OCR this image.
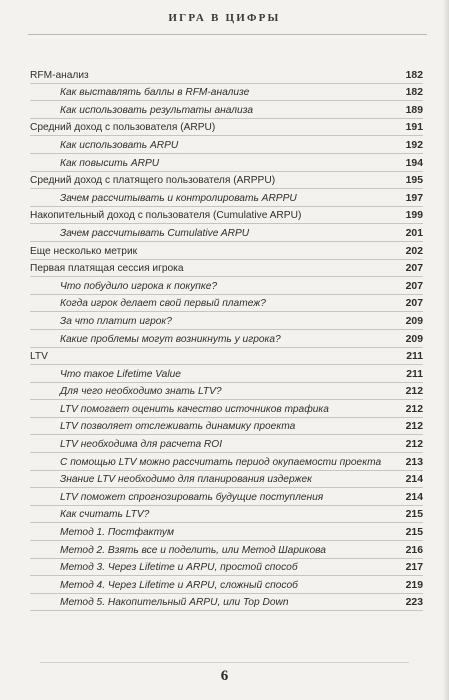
ИГРА В ЦИФРЫ
RFM-анализ	182
Как выставлять баллы в RFM-анализе	182
Как использовать результаты анализа	189
Средний доход с пользователя (ARPU)	191
Как использовать ARPU	192
Как повысить ARPU	194
Средний доход с платящего пользователя (ARPPU)	195
Зачем рассчитывать и контролировать ARPPU	197
Накопительный доход с пользователя (Cumulative ARPU)	199
Зачем рассчитывать Cumulative ARPU	201
Еще несколько метрик	202
Первая платящая сессия игрока	207
Что побудило игрока к покупке?	207
Когда игрок делает свой первый платеж?	207
За что платит игрок?	209
Какие проблемы могут возникнуть у игрока?	209
LTV	211
Что такое Lifetime Value	211
Для чего необходимо знать LTV?	212
LTV помогает оценить качество источников трафика	212
LTV позволяет отслеживать динамику проекта	212
LTV необходима для расчета ROI	212
С помощью LTV можно рассчитать период окупаемости проекта	213
Знание LTV необходимо для планирования издержек	214
LTV поможет спрогнозировать будущие поступления	214
Как считать LTV?	215
Метод 1. Постфактум	215
Метод 2. Взять все и поделить, или Метод Шарикова	216
Метод 3. Через Lifetime и ARPU, простой способ	217
Метод 4. Через Lifetime и ARPU, сложный способ	219
Метод 5. Накопительный ARPU, или Top Down	223
6
